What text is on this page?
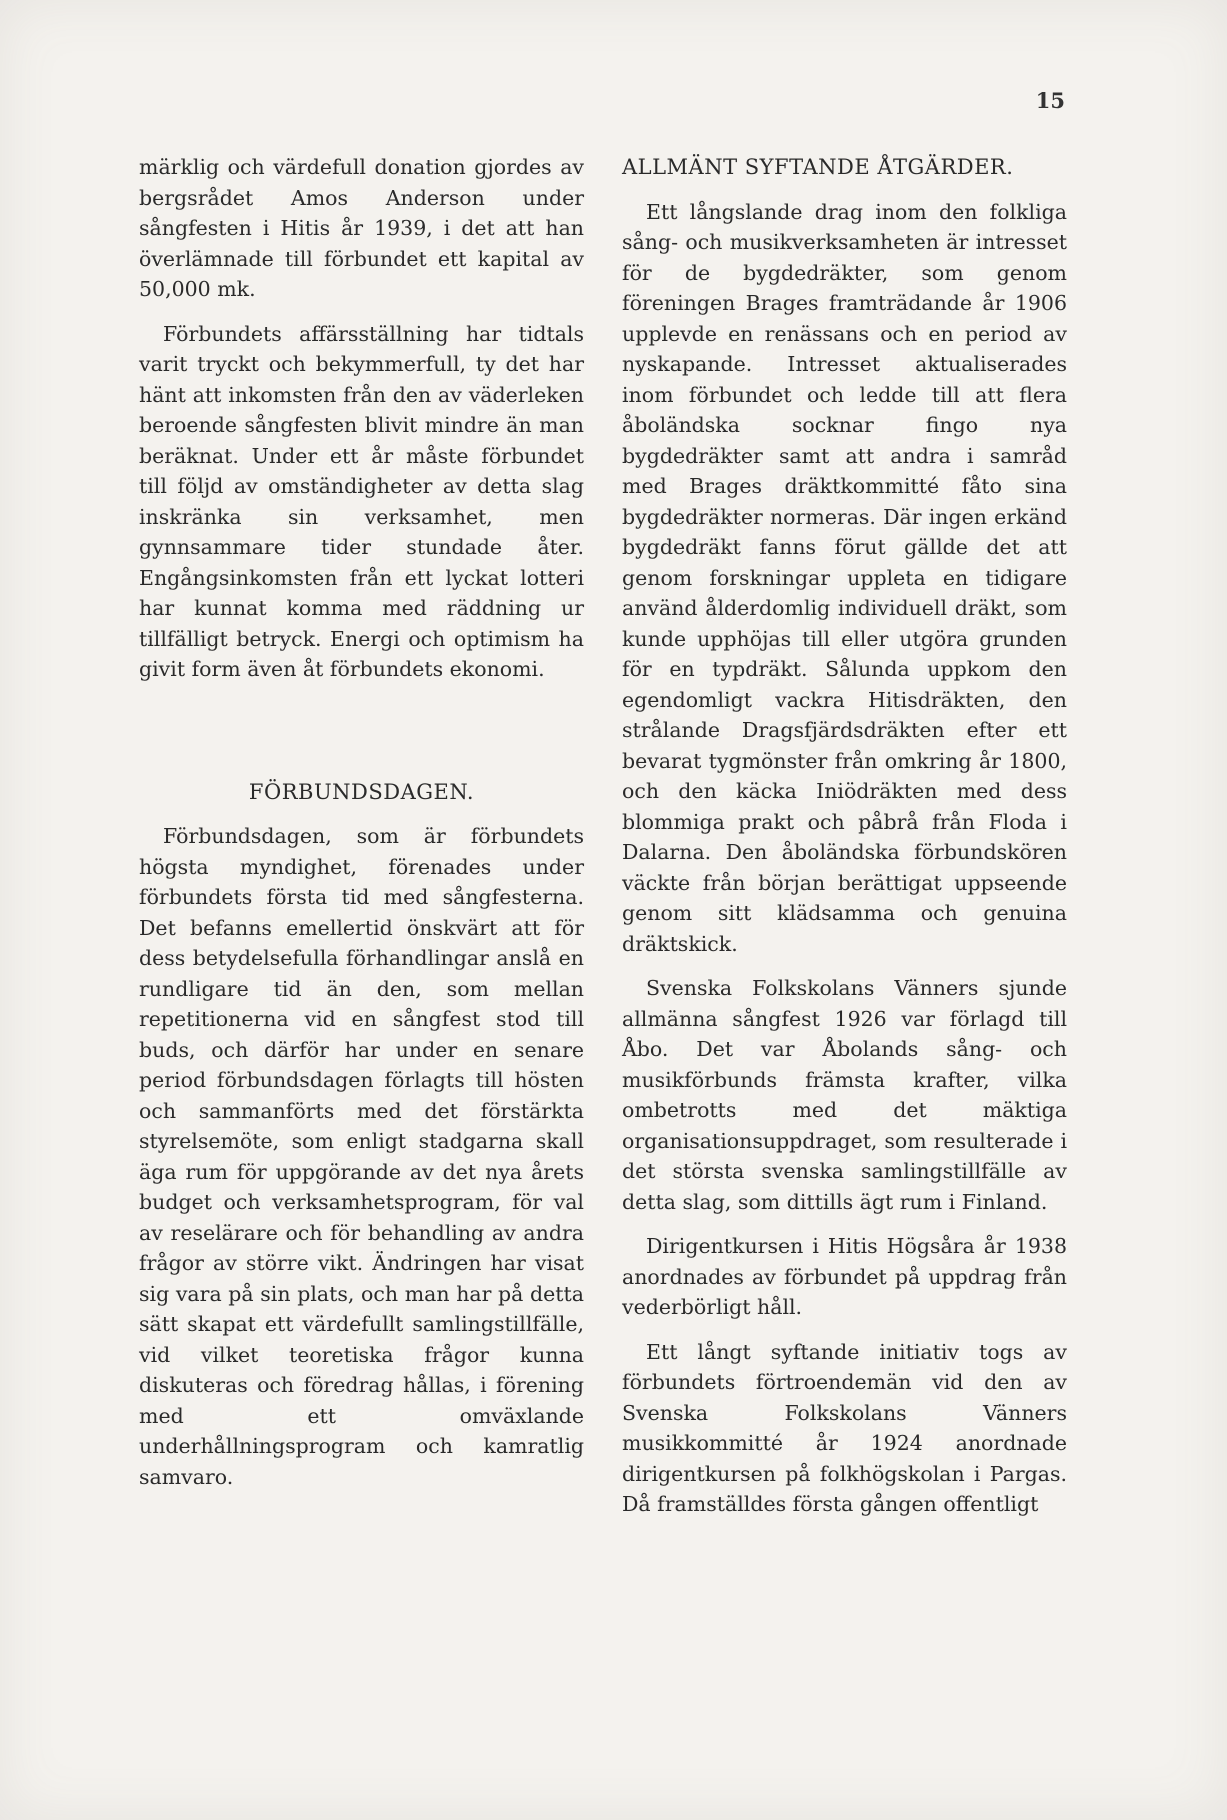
15

märklig och värdefull donation gjordes av bergsrådet Amos Anderson under sångfesten i Hitis år 1939, i det att han överlämnade till förbundet ett kapital av 50,000 mk.

Förbundets affärsställning har tidtals varit tryckt och bekymmerfull, ty det har hänt att inkomsten från den av väderleken beroende sångfesten blivit mindre än man beräknat. Under ett år måste förbundet till följd av omständigheter av detta slag inskränka sin verksamhet, men gynnsammare tider stundade åter. Engångsinkomsten från ett lyckat lotteri har kunnat komma med räddning ur tillfälligt betryck. Energi och optimism ha givit form även åt förbundets ekonomi.

FÖRBUNDSDAGEN.

Förbundsdagen, som är förbundets högsta myndighet, förenades under förbundets första tid med sångfesterna. Det befanns emellertid önskvärt att för dess betydelsefulla förhandlingar anslå en rundligare tid än den, som mellan repetitionerna vid en sångfest stod till buds, och därför har under en senare period förbundsdagen förlagts till hösten och sammanförts med det förstärkta styrelsemöte, som enligt stadgarna skall äga rum för uppgörande av det nya årets budget och verksamhetsprogram, för val av reselärare och för behandling av andra frågor av större vikt. Ändringen har visat sig vara på sin plats, och man har på detta sätt skapat ett värdefullt samlingstillfälle, vid vilket teoretiska frågor kunna diskuteras och föredrag hållas, i förening med ett omväxlande underhållningsprogram och kamratlig samvaro.

ALLMÄNT SYFTANDE ÅTGÄRDER.

Ett långslande drag inom den folkliga sång- och musikverksamheten är intresset för de bygdedräkter, som genom föreningen Brages framträdande år 1906 upplevde en renässans och en period av nyskapande. Intresset aktualiserades inom förbundet och ledde till att flera åboländska socknar fingo nya bygdedräkter samt att andra i samråd med Brages dräktkommitté fåto sina bygdedräkter normeras. Där ingen erkänd bygdedräkt fanns förut gällde det att genom forskningar uppleta en tidigare använd ålderdomlig individuell dräkt, som kunde upphöjas till eller utgöra grunden för en typdräkt. Sålunda uppkom den egendomligt vackra Hitisdräkten, den strålande Dragsfjärdsdräkten efter ett bevarat tygmönster från omkring år 1800, och den käcka Iniödräkten med dess blommiga prakt och påbrå från Floda i Dalarna. Den åboländska förbundskören väckte från början berättigat uppseende genom sitt klädsamma och genuina dräktskick.

Svenska Folkskolans Vänners sjunde allmänna sångfest 1926 var förlagd till Åbo. Det var Åbolands sång- och musikförbunds främsta krafter, vilka ombetrotts med det mäktiga organisationsuppdraget, som resulterade i det största svenska samlingstillfälle av detta slag, som dittills ägt rum i Finland.

Dirigentkursen i Hitis Högsåra år 1938 anordnades av förbundet på uppdrag från vederbörligt håll.

Ett långt syftande initiativ togs av förbundets förtroendemän vid den av Svenska Folkskolans Vänners musikkommitté år 1924 anordnade dirigentkursen på folkhögskolan i Pargas. Då framställdes första gången offentligt
